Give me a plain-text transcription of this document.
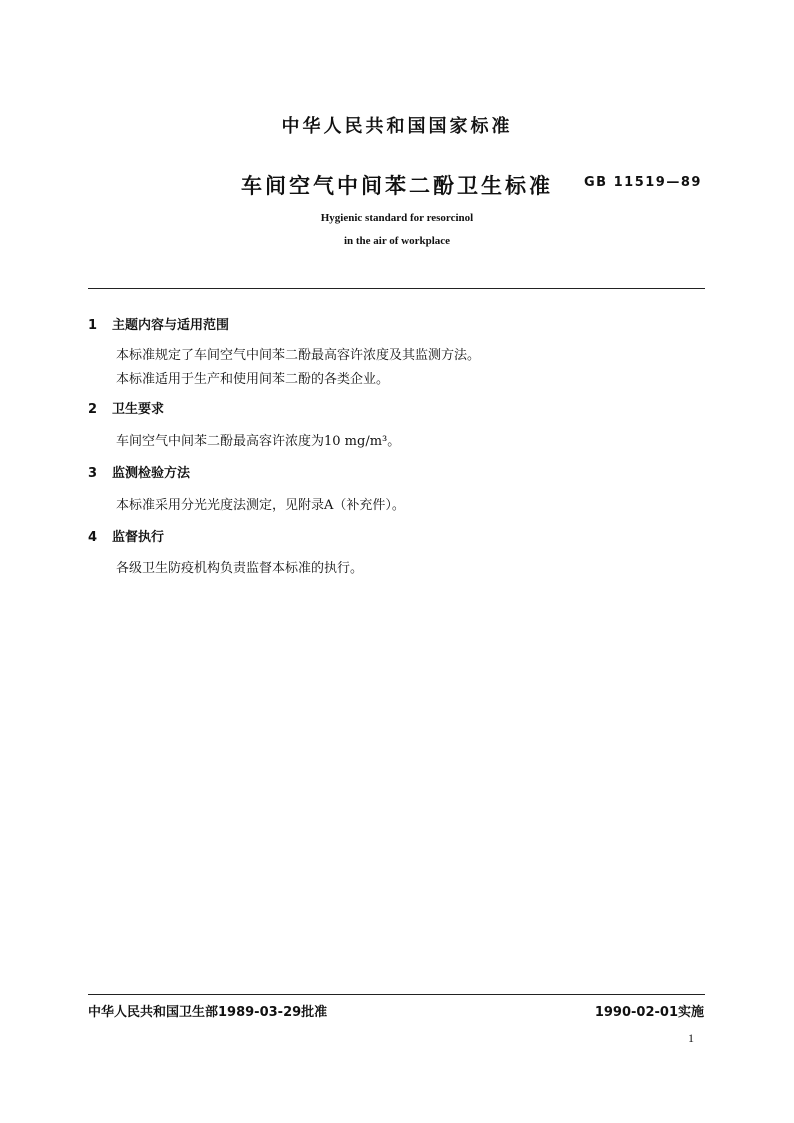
中华人民共和国国家标准
车间空气中间苯二酚卫生标准	GB 11519—89
Hygienic standard for resorcinol
in the air of workplace
1 主题内容与适用范围
本标准规定了车间空气中间苯二酚最高容许浓度及其监测方法。
本标准适用于生产和使用间苯二酚的各类企业。
2 卫生要求
车间空气中间苯二酚最高容许浓度为10 mg/m³。
3 监测检验方法
本标准采用分光光度法测定，见附录A（补充件）。
4 监督执行
各级卫生防疫机构负责监督本标准的执行。
中华人民共和国卫生部1989-03-29批准	1990-02-01实施
1
